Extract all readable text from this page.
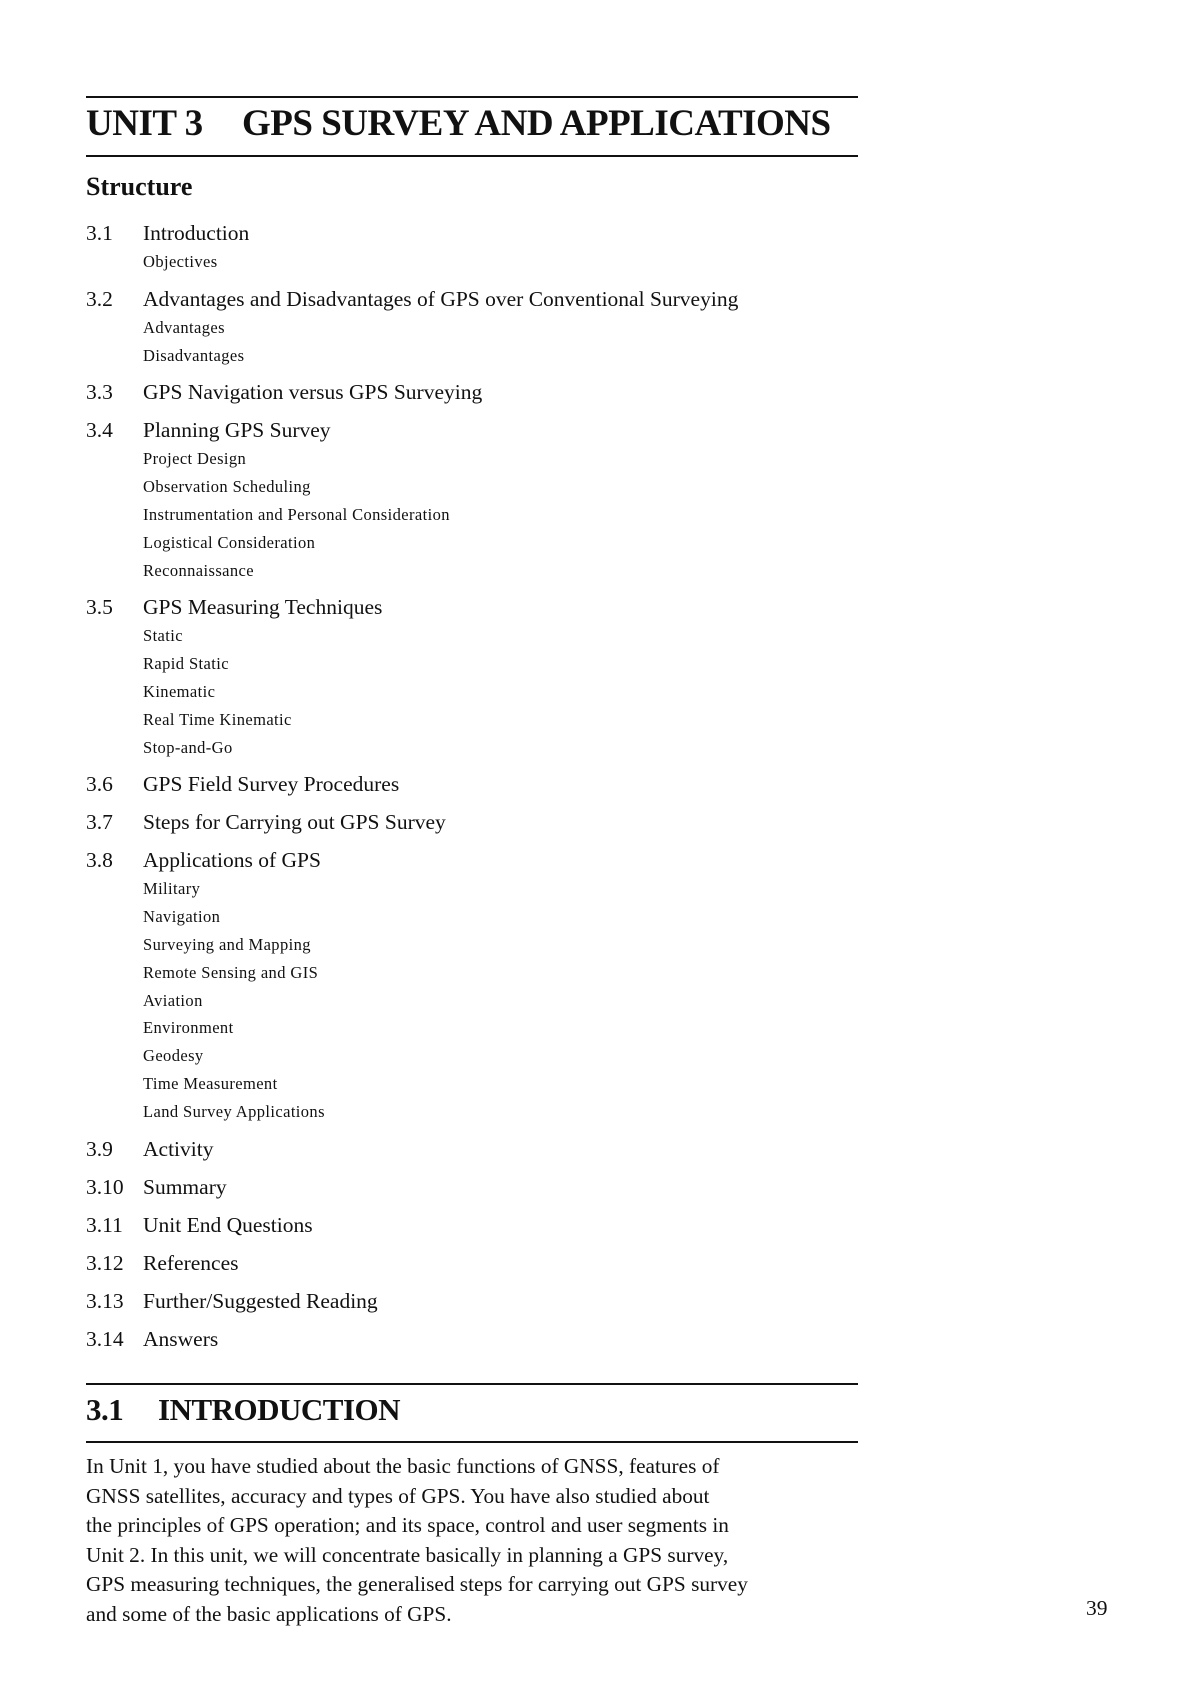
UNIT 3 GPS SURVEY AND APPLICATIONS
Structure
3.1	Introduction
Objectives
3.2	Advantages and Disadvantages of GPS over Conventional Surveying
Advantages
Disadvantages
3.3	GPS Navigation versus GPS Surveying
3.4	Planning GPS Survey
Project Design
Observation Scheduling
Instrumentation and Personal Consideration
Logistical Consideration
Reconnaissance
3.5	GPS Measuring Techniques
Static
Rapid Static
Kinematic
Real Time Kinematic
Stop-and-Go
3.6	GPS Field Survey Procedures
3.7	Steps for Carrying out GPS Survey
3.8	Applications of GPS
Military
Navigation
Surveying and Mapping
Remote Sensing and GIS
Aviation
Environment
Geodesy
Time Measurement
Land Survey Applications
3.9	Activity
3.10 Summary
3.11 Unit End Questions
3.12 References
3.13 Further/Suggested Reading
3.14 Answers
3.1 INTRODUCTION
In Unit 1, you have studied about the basic functions of GNSS, features of
GNSS satellites, accuracy and types of GPS. You have also studied about
the principles of GPS operation; and its space, control and user segments in
Unit 2. In this unit, we will concentrate basically in planning a GPS survey,
GPS measuring techniques, the generalised steps for carrying out GPS survey
and some of the basic applications of GPS.	39
